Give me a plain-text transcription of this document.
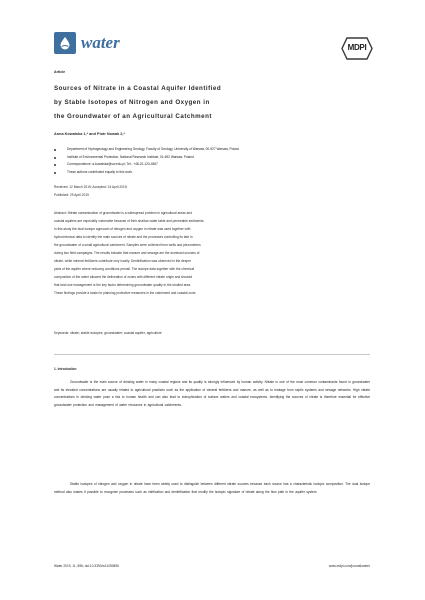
water	MDPI
Article
Sources of Nitrate in a Coastal Aquifer Identified
by Stable Isotopes of Nitrogen and Oxygen in
the Groundwater of an Agricultural Catchment
Anna Kowalska 1,* and Piotr Nowak 2,*
Department of Hydrogeology and Engineering Geology, Faculty of Geology, University of Warsaw, 00-927 Warsaw, Poland
Institute of Environmental Protection, National Research Institute, 01-692 Warsaw, Poland
Correspondence: a.kowalska@uw.edu.pl; Tel.: +48-22-123-4567
These authors contributed equally to this work.
Received: 12 March 2019; Accepted: 24 April 2019;
Published: 29 April 2019
Abstract: Nitrate contamination of groundwater is a widespread problem in agricultural areas and
coastal aquifers are especially vulnerable because of their shallow water table and permeable sediments.
In this study the dual isotope approach of nitrogen and oxygen in nitrate was used together with
hydrochemical data to identify the main sources of nitrate and the processes controlling its fate in
the groundwater of a small agricultural catchment. Samples were collected from wells and piezometers
during two field campaigns. The results indicate that manure and sewage are the dominant sources of
nitrate, while mineral fertilizers contribute only locally. Denitrification was observed in the deeper
parts of the aquifer where reducing conditions prevail. The isotope data together with the chemical
composition of the water allowed the delineation of zones with different nitrate origin and showed
that land use management is the key factor determining groundwater quality in the studied area.
These findings provide a basis for planning protective measures in the catchment and coastal zone.
Keywords: nitrate; stable isotopes; groundwater; coastal aquifer; agriculture
1. Introduction
Groundwater is the main source of drinking water in many coastal regions and its quality is strongly influenced by human activity. Nitrate is one of the most common contaminants found in groundwater and its elevated concentrations are usually related to agricultural practices such as the application of mineral fertilizers and manure, as well as to leakage from septic systems and sewage networks. High nitrate concentrations in drinking water pose a risk to human health and can also lead to eutrophication of surface waters and coastal ecosystems. Identifying the sources of nitrate is therefore essential for effective groundwater protection and management of water resources in agricultural catchments.
Stable isotopes of nitrogen and oxygen in nitrate have been widely used to distinguish between different nitrate sources because each source has a characteristic isotopic composition. The dual isotope method also makes it possible to recognize processes such as nitrification and denitrification that modify the isotopic signature of nitrate along the flow path in the aquifer system.
Water 2019, 11, 896; doi:10.3390/w11050896	www.mdpi.com/journal/water
